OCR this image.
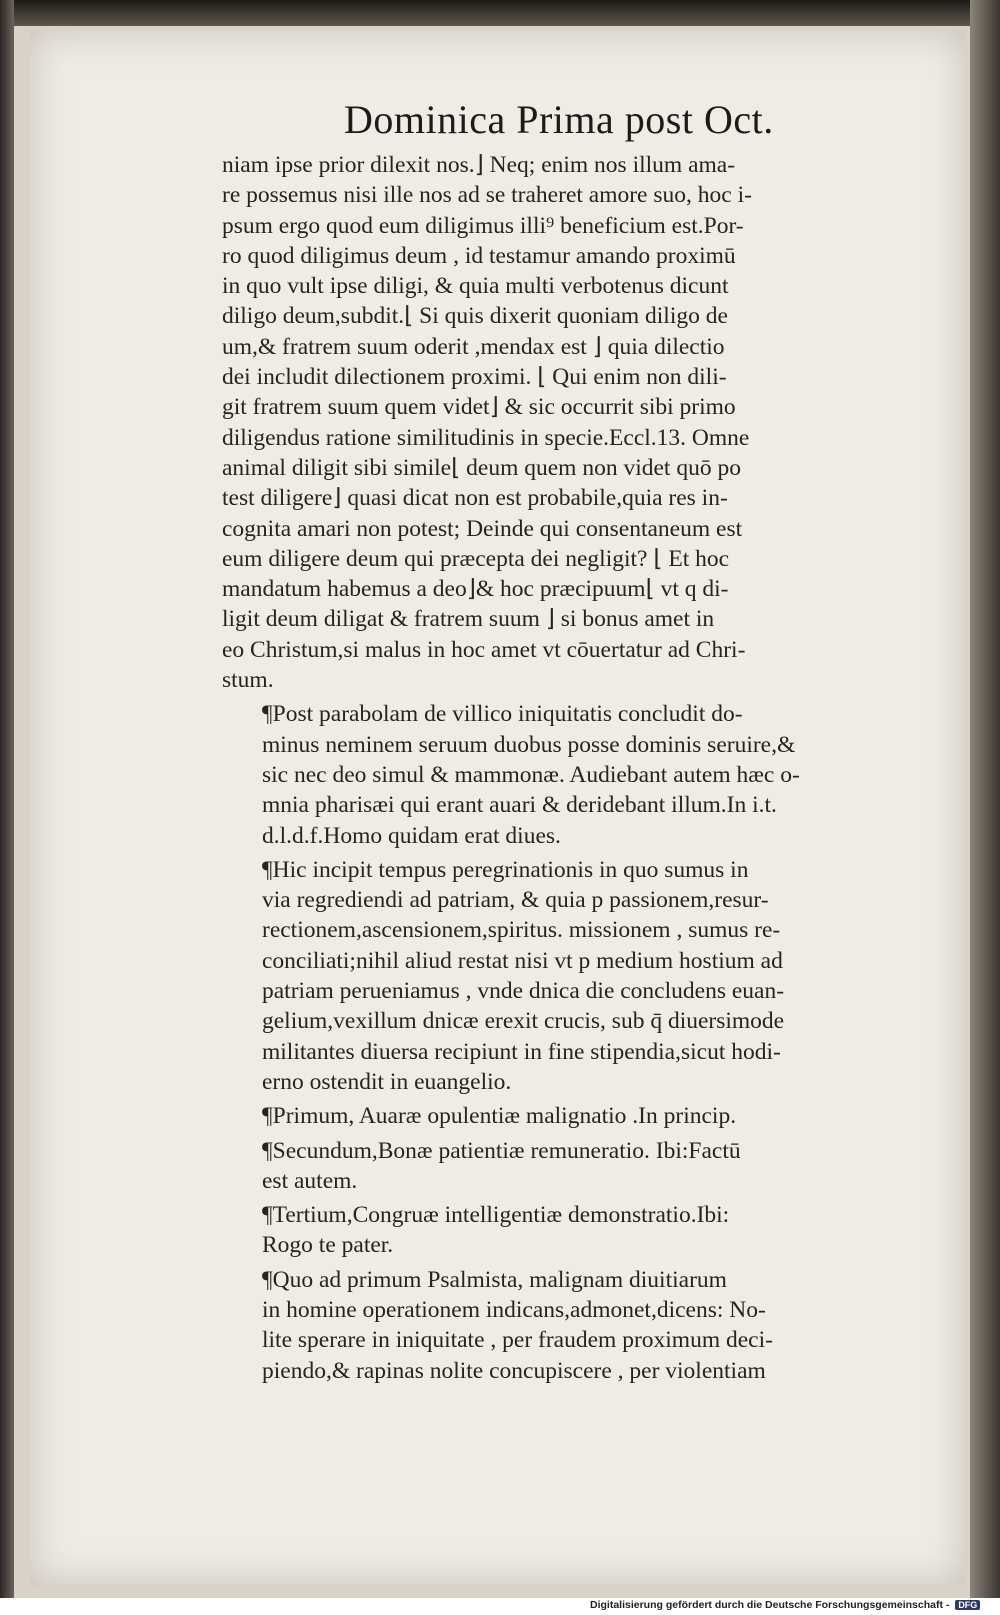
Dominica Prima post Oct.
niam ipse prior dilexit nos.⌋ Neq; enim nos illum ama-
re possemus nisi ille nos ad se traheret amore suo, hoc i-
psum ergo quod eum diligimus illi⁹ beneficium est.Por-
ro quod diligimus deum , id testamur amando proximū
in quo vult ipse diligi, & quia multi verbotenus dicunt
diligo deum,subdit.⌊ Si quis dixerit quoniam diligo de
um,& fratrem suum oderit ,mendax est ⌋ quia dilectio
dei includit dilectionem proximi. ⌊ Qui enim non dili-
git fratrem suum quem videt⌋ & sic occurrit sibi primo
diligendus ratione similitudinis in specie.Eccl.13. Omne
animal diligit sibi simile⌊ deum quem non videt quō po
test diligere⌋ quasi dicat non est probabile,quia res in-
cognita amari non potest; Deinde qui consentaneum est
eum diligere deum qui præcepta dei negligit? ⌊ Et hoc
mandatum habemus a deo⌋& hoc præcipuum⌊ vt q di-
ligit deum diligat & fratrem suum ⌋ si bonus amet in
eo Christum,si malus in hoc amet vt cōuertatur ad Chri-
stum.
¶Post parabolam de villico iniquitatis concludit do-
minus neminem seruum duobus posse dominis seruire,&
sic nec deo simul & mammonæ. Audiebant autem hæc o-
mnia pharisæi qui erant auari & deridebant illum.In i.t.
d.l.d.f.Homo quidam erat diues.
¶Hic incipit tempus peregrinationis in quo sumus in
via regrediendi ad patriam, & quia p passionem,resur-
rectionem,ascensionem,spiritus. missionem , sumus re-
conciliati;nihil aliud restat nisi vt p medium hostium ad
patriam perueniamus , vnde dnica die concludens euan-
gelium,vexillum dnicæ erexit crucis, sub q̄ diuersimode
militantes diuersa recipiunt in fine stipendia,sicut hodi-
erno ostendit in euangelio.
¶Primum, Auaræ opulentiæ malignatio .In princip.
¶Secundum,Bonæ patientiæ remuneratio. Ibi:Factū
est autem.
¶Tertium,Congruæ intelligentiæ demonstratio.Ibi:
Rogo te pater.
¶Quo ad primum Psalmista, malignam diuitiarum
in homine operationem indicans,admonet,dicens: No-
lite sperare in iniquitate , per fraudem proximum deci-
piendo,& rapinas nolite concupiscere , per violentiam
Digitalisierung gefördert durch die Deutsche Forschungsgemeinschaft - DFG
